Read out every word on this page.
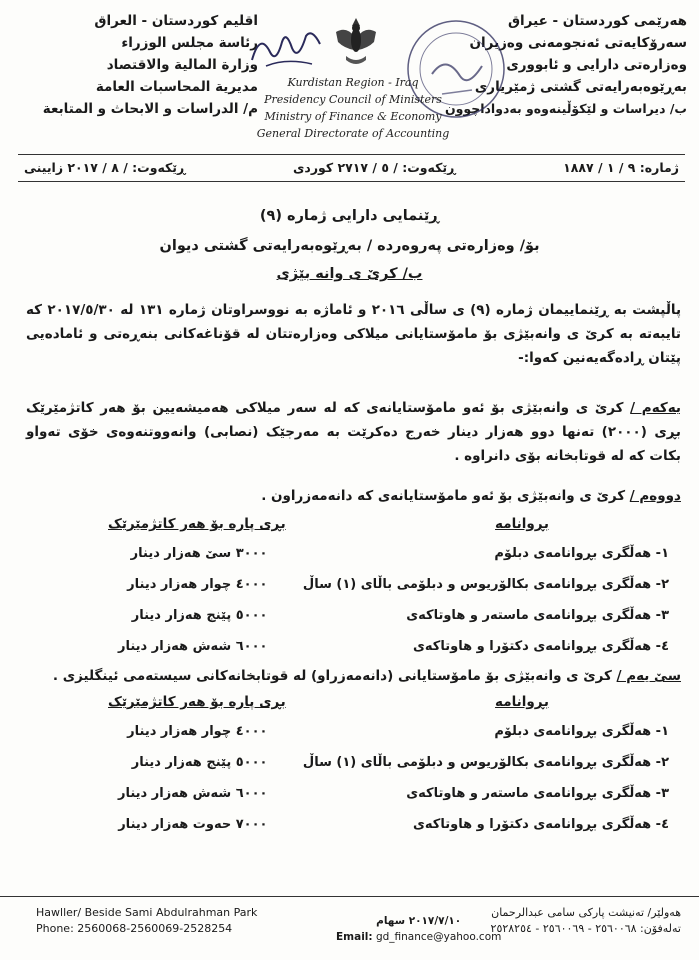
هەرێمی کوردستان - عیراق
سەرۆکایەتی ئەنجومەنی وەزیران
وەزارەتی دارایی و ئابووری
بەڕێوەبەرایەتی گشتی ژمێریاری
ب/ دیراسات و لێکۆڵینەوەو بەدواداچوون
اقليم كوردستان - العراق
رئاسة مجلس الوزراء
وزارة المالية والاقتصاد
مديرية المحاسبات العامة
م/ الدراسات و الابحاث و المتابعة
Kurdistan Region - Iraq
Presidency Council of Ministers
Ministry of Finance & Economy
General Directorate of Accounting
ژمارە: ٩ / ١ / ١٨٨٧
ڕێکەوت: / ٥ / ٢٧١٧ کوردی
ڕێکەوت: / ٨ / ٢٠١٧ زایینی
ڕێنمایی دارایی ژمارە (٩)
بۆ/ وەزارەتی پەروەردە / بەڕێوەبەرایەتی گشتی دیوان
ب/ کرێ ی وانە بێژی
پاڵپشت بە ڕێنماییمان ژمارە (٩) ی ساڵی ٢٠١٦ و ئاماژە بە نووسراوتان ژمارە ١٣١ لە ٢٠١٧/٥/٣٠ کە تایبەتە بە کرێ ی وانەبێژی بۆ مامۆستایانی میلاکی وەزارەتتان لە قۆناغەکانی بنەڕەتی و ئامادەیی پێتان ڕادەگەیەنین کەوا:-
یەکەم / کرێ ی وانەبێژی بۆ ئەو مامۆستایانەی کە لە سەر میلاکی هەمیشەیین بۆ هەر کاتژمێرێک بڕی (٢٠٠٠) تەنها دوو هەزار دینار خەرج دەکرێت بە مەرجێک (نصابی) وانەووتنەوەی خۆی تەواو بکات کە لە قوتابخانە بۆی دانراوە .
دووەم / کرێ ی وانەبێژی بۆ ئەو مامۆستایانەی کە دانەمەزراون .
بڕوانامە
بڕی پارە بۆ هەر کاتژمێرێک
١- هەڵگری بڕوانامەی دبلۆم
٢- هەڵگری بڕوانامەی بکالۆریوس و دبلۆمی باڵای (١) ساڵ
٣- هەڵگری بڕوانامەی ماستەر و هاوتاکەی
٤- هەڵگری بڕوانامەی دکتۆرا و هاوتاکەی
٣٠٠٠ سێ هەزار دینار
٤٠٠٠ چوار هەزار دینار
٥٠٠٠ پێنج هەزار دینار
٦٠٠٠ شەش هەزار دینار
سێ یەم / کرێ ی وانەبێژی بۆ مامۆستایانی (دانەمەزراو) لە قوتابخانەکانی سیستەمی ئینگلیزی .
بڕوانامە
بڕی پارە بۆ هەر کاتژمێرێک
١- هەڵگری بڕوانامەی دبلۆم
٢- هەڵگری بڕوانامەی بکالۆریوس و دبلۆمی باڵای (١) ساڵ
٣- هەڵگری بڕوانامەی ماستەر و هاوتاکەی
٤- هەڵگری بڕوانامەی دکتۆرا و هاوتاکەی
٤٠٠٠ چوار هەزار دینار
٥٠٠٠ پێنج هەزار دینار
٦٠٠٠ شەش هەزار دینار
٧٠٠٠ حەوت هەزار دینار
Hawller/ Beside Sami Abdulrahman Park
Phone: 2560068-2560069-2528254
٢٠١٧/٧/١٠ سهام
Email: gd_finance@yahoo.com
هەولێر/ تەنیشت پارکی سامی عبدالرحمان
تەلەفۆن: ٢٥٦٠٠٦٨ - ٢٥٦٠٠٦٩ - ٢٥٢٨٢٥٤
